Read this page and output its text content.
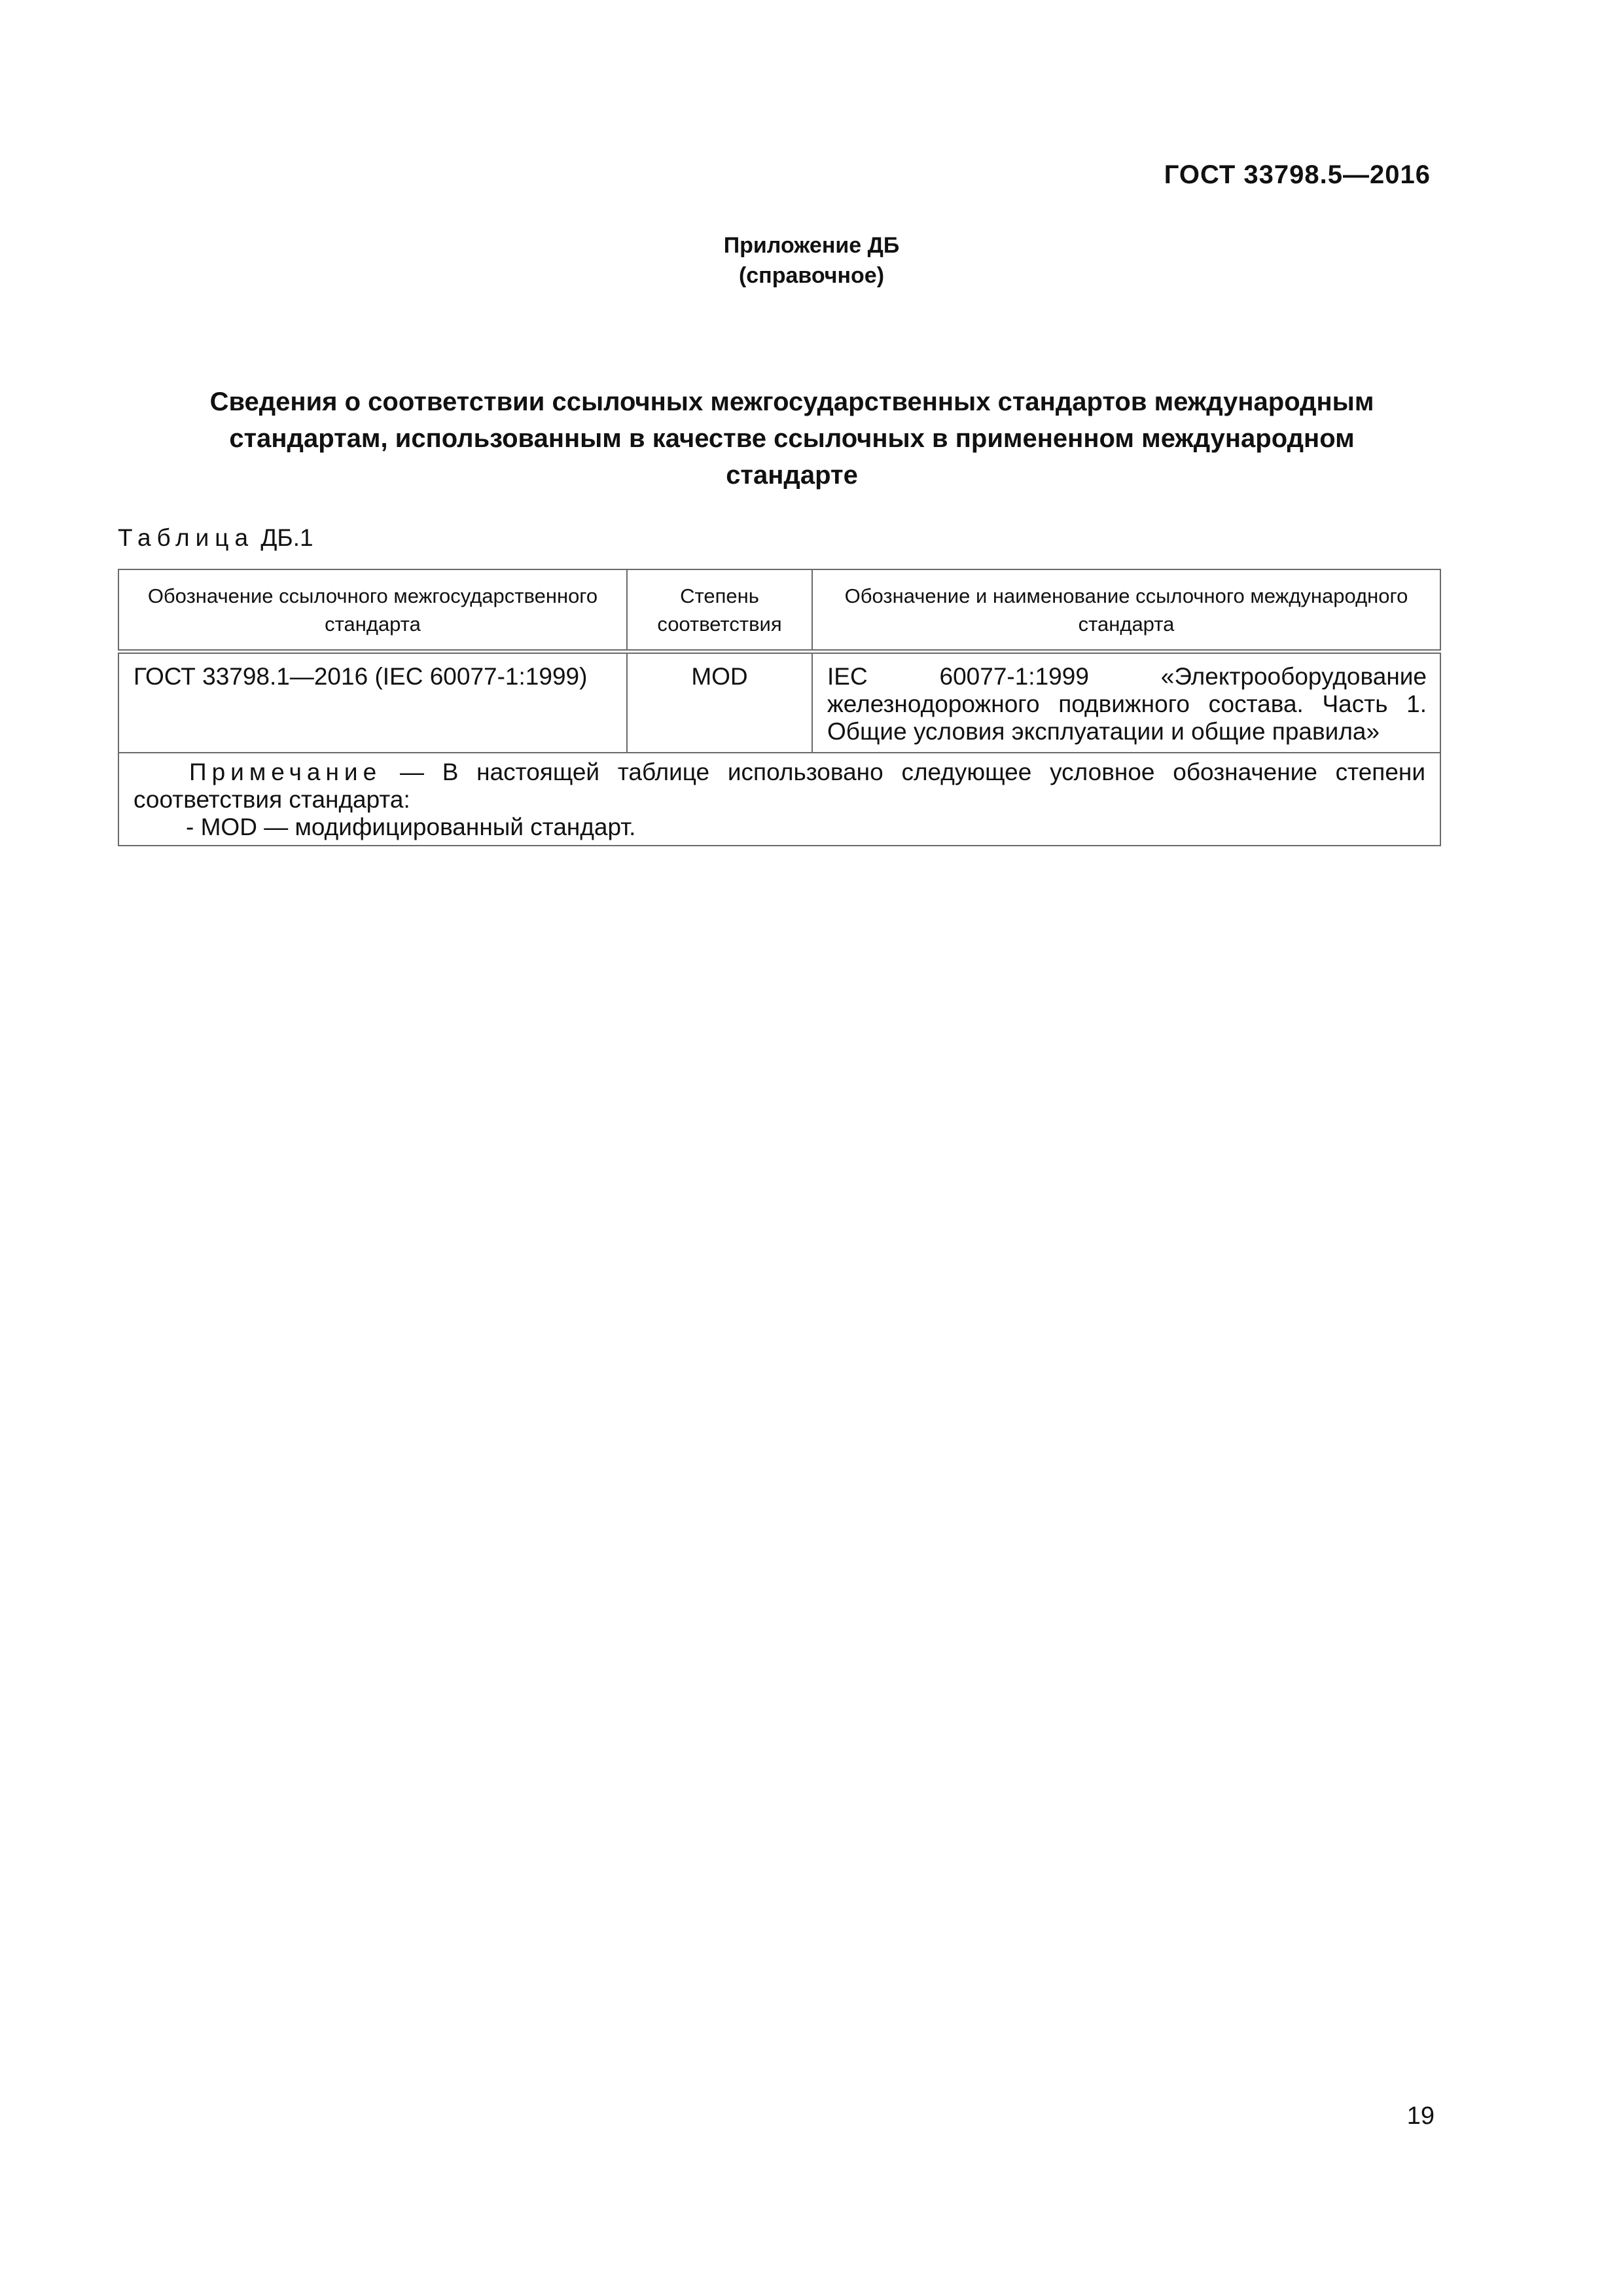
ГОСТ 33798.5—2016
Приложение ДБ
(справочное)
Сведения о соответствии ссылочных межгосударственных стандартов международным
стандартам, использованным в качестве ссылочных в примененном международном
стандарте
Таблица ДБ.1
Обозначение ссылочного межгосударственного стандарта	Степень соответствия	Обозначение и наименование ссылочного международного стандарта
ГОСТ 33798.1—2016 (IEC 60077-1:1999)	MOD	IEC 60077-1:1999 «Электрооборудование железнодорожного подвижного состава. Часть 1. Общие условия эксплуатации и общие правила»

Примечание — В настоящей таблице использовано следующее условное обозначение степени соответствия стандарта:

- MOD — модифицированный стандарт.		

19
